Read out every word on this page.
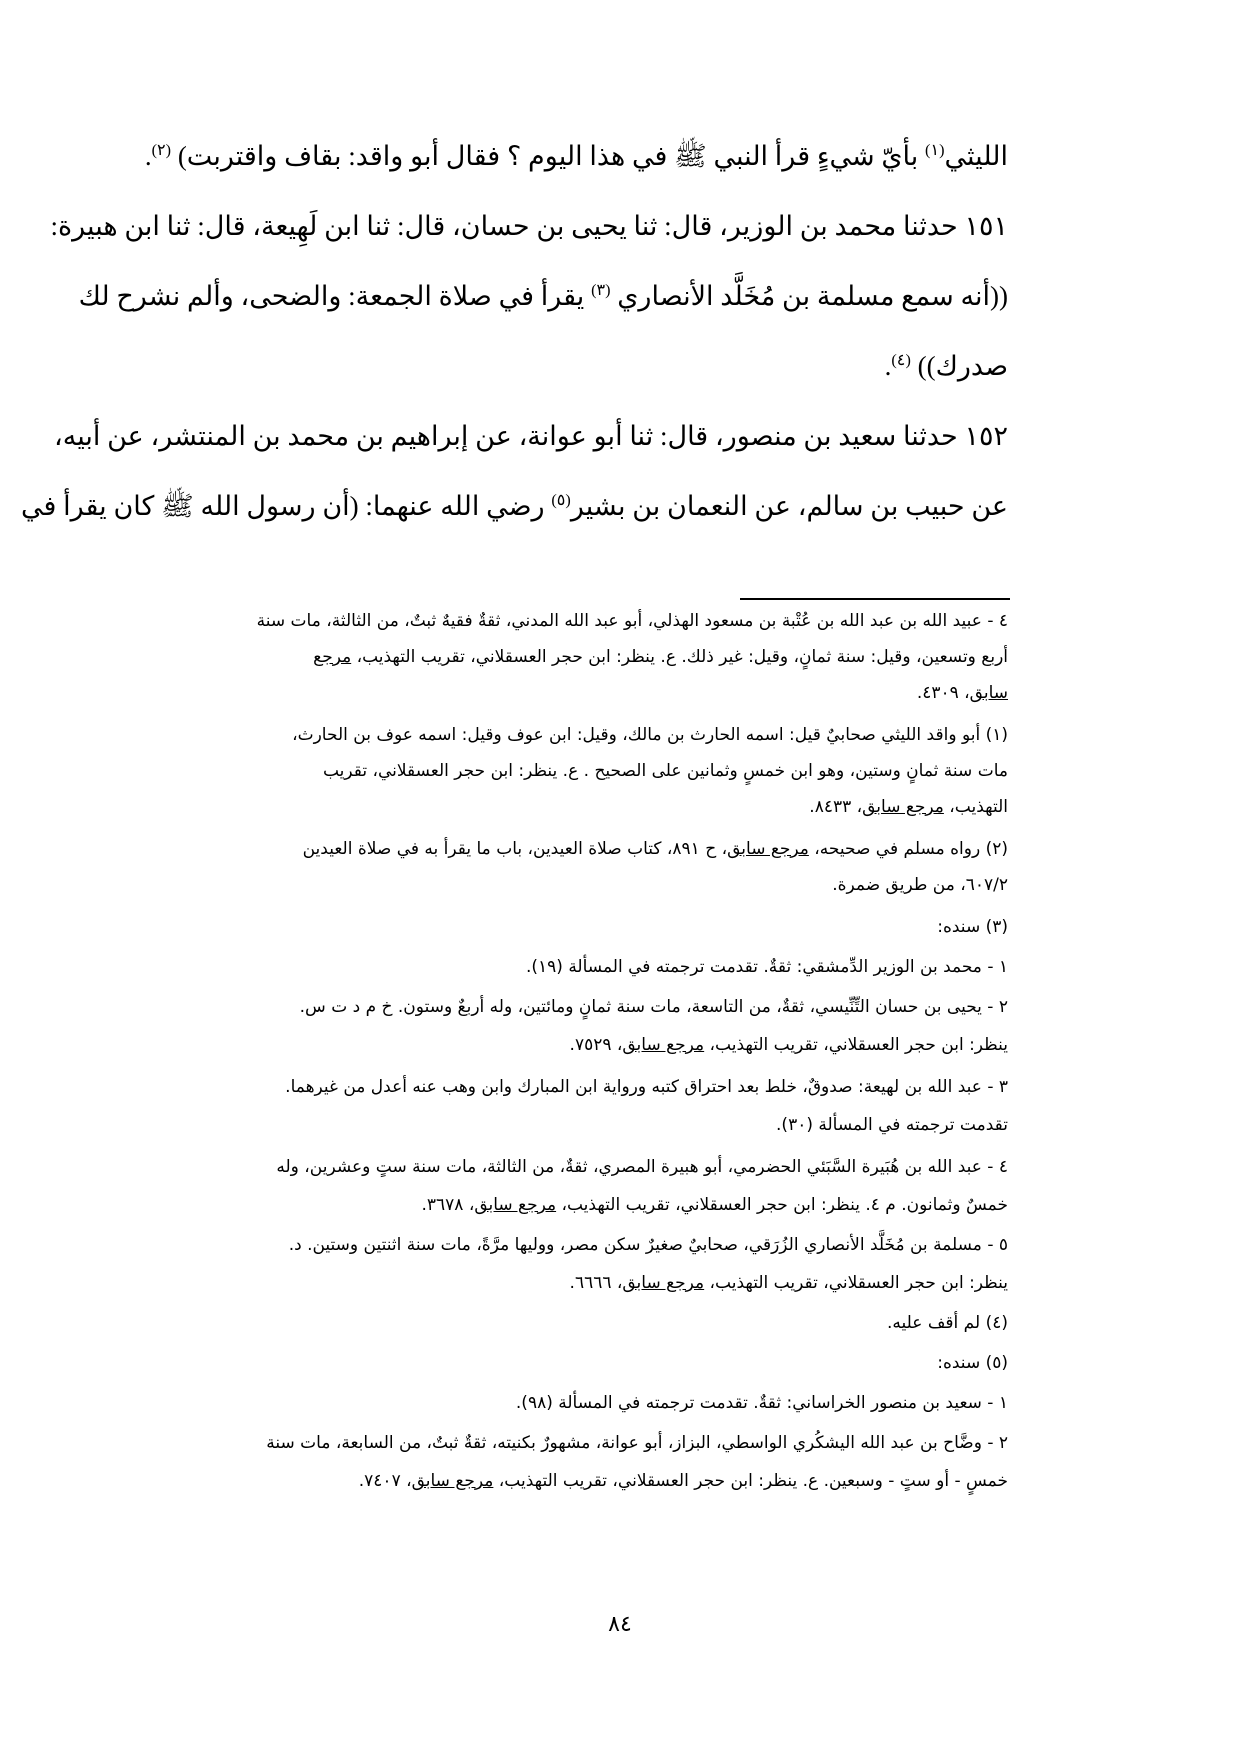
الليثي$^{(١)}$ بأيّ شيءٍ قرأ النبي ﷺ في هذا اليوم ؟ فقال أبو واقد: بقاف واقتربت) $^{(٢)}$.
١٥١ حدثنا محمد بن الوزير، قال: ثنا يحيى بن حسان، قال: ثنا ابن لَهِيعة، قال: ثنا ابن هبيرة:
((أنه سمع مسلمة بن مُخَلَّد الأنصاري $^{(٣)}$ يقرأ في صلاة الجمعة: والضحى، وألم نشرح لك
صدرك)) $^{(٤)}$.
١٥٢ حدثنا سعيد بن منصور، قال: ثنا أبو عوانة، عن إبراهيم بن محمد بن المنتشر، عن أبيه،
عن حبيب بن سالم، عن النعمان بن بشير$^{(٥)}$ رضي الله عنهما: (أن رسول الله ﷺ كان يقرأ في
٤ - عبيد الله بن عبد الله بن عُتْبة بن مسعود الهذلي، أبو عبد الله المدني، ثقةٌ فقيهٌ ثبتٌ، من الثالثة، مات سنة
أربع وتسعين، وقيل: سنة ثمانٍ، وقيل: غير ذلك. ع. ينظر: ابن حجر العسقلاني، تقريب التهذيب، مرجع
سابق، ٤٣٠٩.
(١) أبو واقد الليثي صحابيٌ قيل: اسمه الحارث بن مالك، وقيل: ابن عوف وقيل: اسمه عوف بن الحارث،
مات سنة ثمانٍ وستين، وهو ابن خمسٍ وثمانين على الصحيح . ع. ينظر: ابن حجر العسقلاني، تقريب
التهذيب، مرجع سابق، ٨٤٣٣.
(٢) رواه مسلم في صحيحه، مرجع سابق، ح ٨٩١، كتاب صلاة العيدين، باب ما يقرأ به في صلاة العيدين
٦٠٧/٢، من طريق ضمرة.
(٣) سنده:
١ - محمد بن الوزير الدِّمشقي: ثقةٌ. تقدمت ترجمته في المسألة (١٩).
٢ - يحيى بن حسان التِّنِّيسي، ثقةٌ، من التاسعة، مات سنة ثمانٍ ومائتين، وله أربعٌ وستون. خ م د ت س.
ينظر: ابن حجر العسقلاني، تقريب التهذيب، مرجع سابق، ٧٥٢٩.
٣ - عبد الله بن لهيعة: صدوقٌ، خلط بعد احتراق كتبه ورواية ابن المبارك وابن وهب عنه أعدل من غيرهما.
تقدمت ترجمته في المسألة (٣٠).
٤ - عبد الله بن هُبَيرة السَّبَئي الحضرمي، أبو هبيرة المصري، ثقةٌ، من الثالثة، مات سنة ستٍ وعشرين، وله
خمسٌ وثمانون. م ٤. ينظر: ابن حجر العسقلاني، تقريب التهذيب، مرجع سابق، ٣٦٧٨.
٥ - مسلمة بن مُخَلَّد الأنصاري الزُرَقي، صحابيٌ صغيرٌ سكن مصر، ووليها مرَّةً، مات سنة اثنتين وستين. د.
ينظر: ابن حجر العسقلاني، تقريب التهذيب، مرجع سابق، ٦٦٦٦.
(٤) لم أقف عليه.
(٥) سنده:
١ - سعيد بن منصور الخراساني: ثقةٌ. تقدمت ترجمته في المسألة (٩٨).
٢ - وضَّاح بن عبد الله اليشكُري الواسطي، البزاز، أبو عوانة، مشهورٌ بكنيته، ثقةٌ ثبتٌ، من السابعة، مات سنة
خمسٍ - أو ستٍ - وسبعين. ع. ينظر: ابن حجر العسقلاني، تقريب التهذيب، مرجع سابق، ٧٤٠٧.
٨٤
